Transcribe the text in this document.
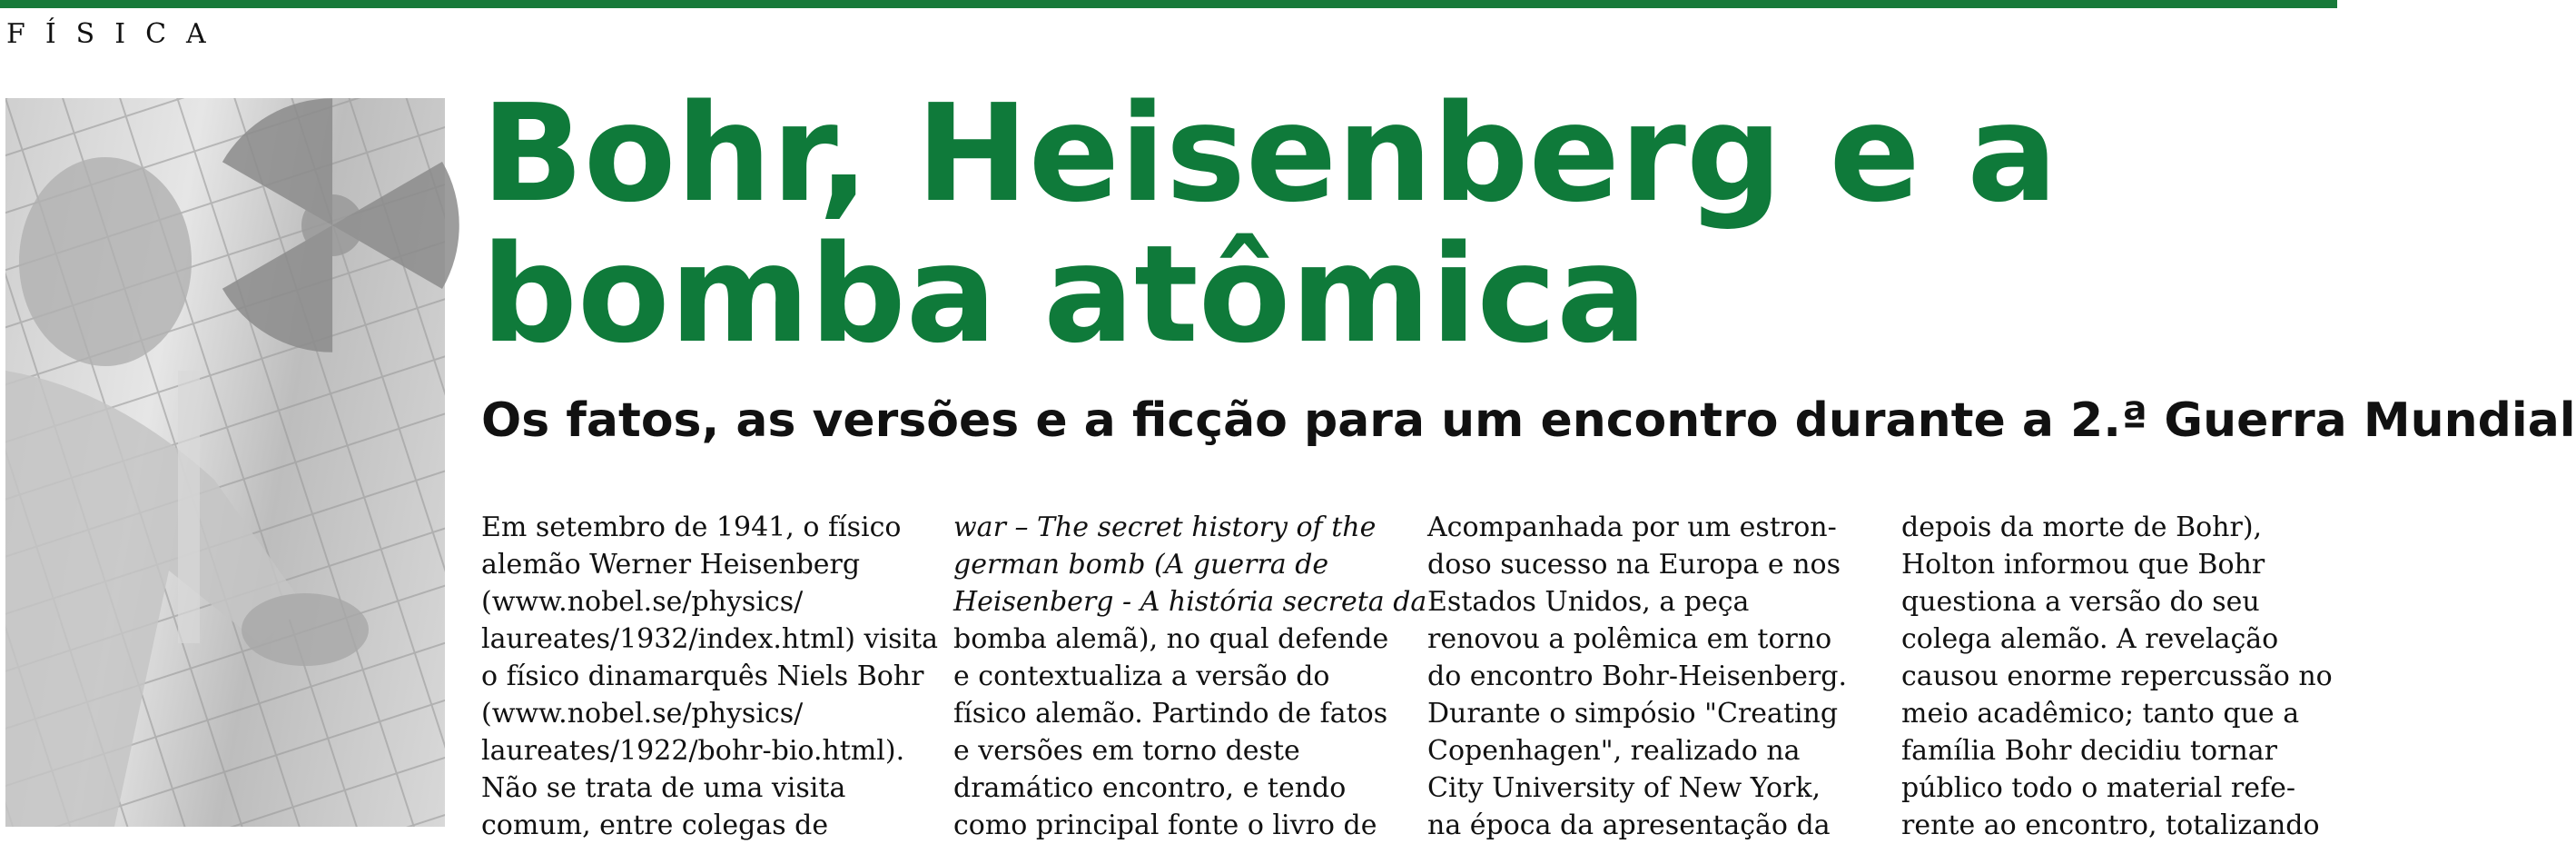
FÍSICA
Bohr, Heisenberg e a
bomba atômica
Os fatos, as versões e a ficção para um encontro durante a 2.ª Guerra Mundial
Em setembro de 1941, o físico
alemão Werner Heisenberg
(www.nobel.se/physics/
laureates/1932/index.html) visita
o físico dinamarquês Niels Bohr
(www.nobel.se/physics/
laureates/1922/bohr-bio.html).
Não se trata de uma visita
comum, entre colegas de
war – The secret history of the
german bomb (A guerra de
Heisenberg - A história secreta da
bomba alemã), no qual defende
e contextualiza a versão do
físico alemão. Partindo de fatos
e versões em torno deste
dramático encontro, e tendo
como principal fonte o livro de
Acompanhada por um estron-
doso sucesso na Europa e nos
Estados Unidos, a peça
renovou a polêmica em torno
do encontro Bohr-Heisenberg.
Durante o simpósio "Creating
Copenhagen", realizado na
City University of New York,
na época da apresentação da
depois da morte de Bohr),
Holton informou que Bohr
questiona a versão do seu
colega alemão. A revelação
causou enorme repercussão no
meio acadêmico; tanto que a
família Bohr decidiu tornar
público todo o material refe-
rente ao encontro, totalizando
